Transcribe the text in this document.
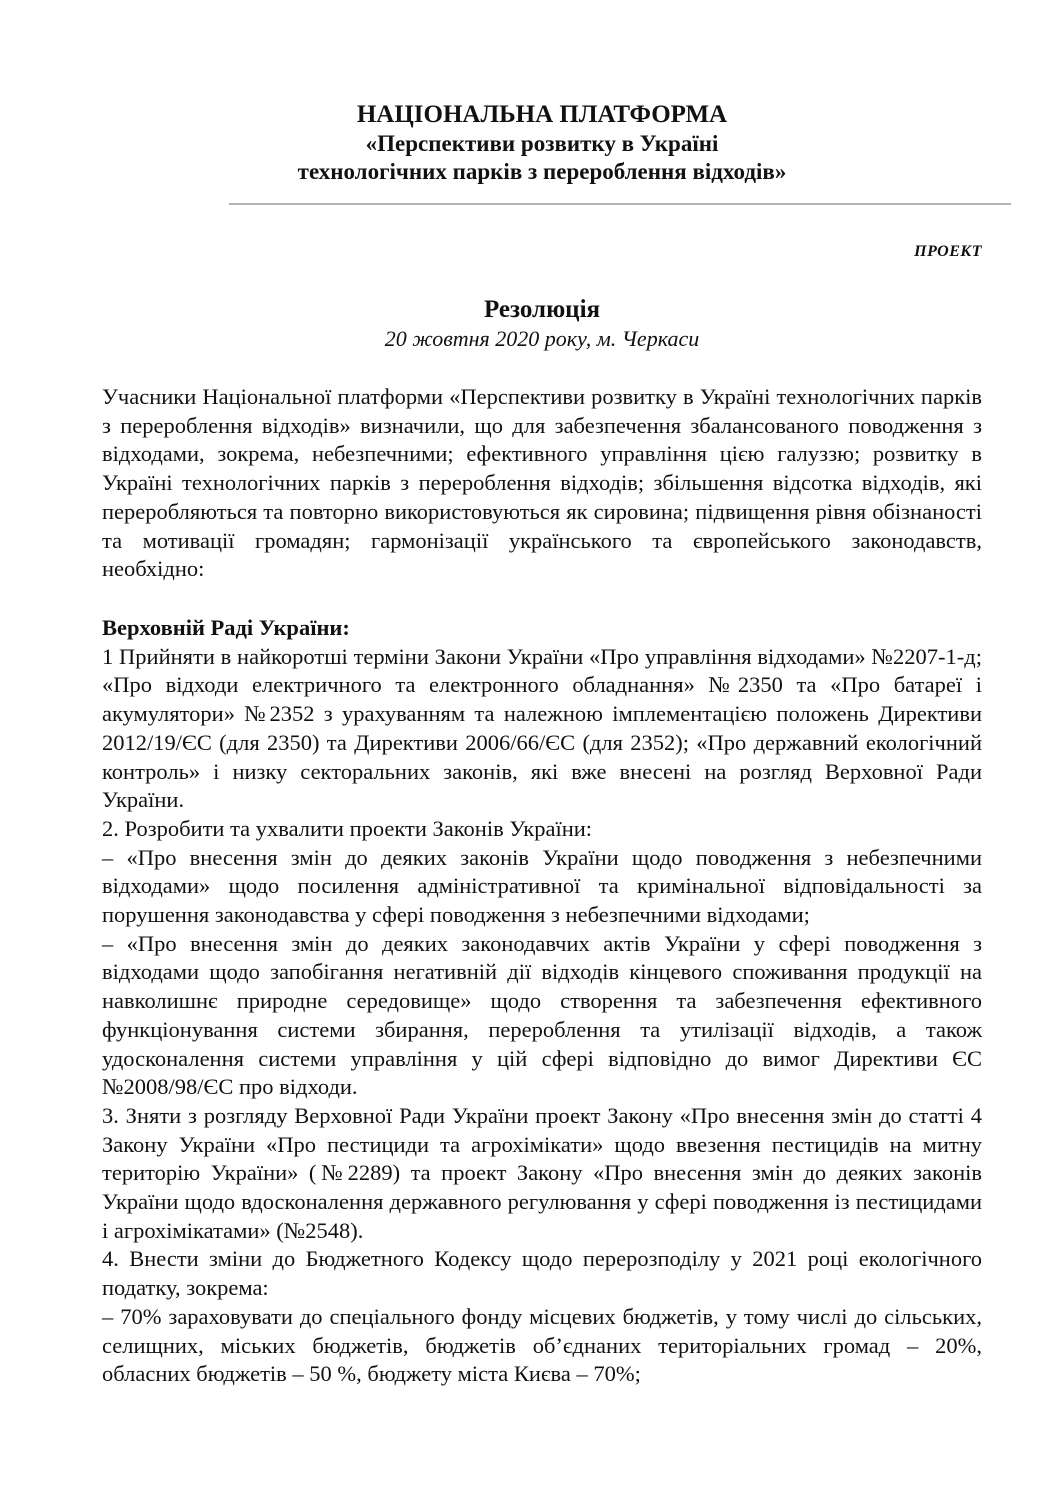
НАЦІОНАЛЬНА ПЛАТФОРМА
«Перспективи розвитку в Україні
технологічних парків з перероблення відходів»
ПРОЕКТ
Резолюція
20 жовтня 2020 року, м. Черкаси

Учасники Національної платформи «Перспективи розвитку в Україні технологічних парків з перероблення відходів» визначили, що для забезпечення збалансованого поводження з відходами, зокрема, небезпечними; ефективного управління цією галуззю; розвитку в Україні технологічних парків з перероблення відходів; збільшення відсотка відходів, які переробляються та повторно використовуються як сировина; підвищення рівня обізнаності та мотивації громадян; гармонізації українського та європейського законодавств, необхідно:

Верховній Раді України:

1 Прийняти в найкоротші терміни Закони України «Про управління відходами» №2207-1-д; «Про відходи електричного та електронного обладнання» №2350 та «Про батареї і акумулятори» №2352 з урахуванням та належною імплементацією положень Директиви 2012/19/ЄС (для 2350) та Директиви 2006/66/ЄС (для 2352); «Про державний екологічний контроль» і низку секторальних законів, які вже внесені на розгляд Верховної Ради України.

2. Розробити та ухвалити проекти Законів України:

– «Про внесення змін до деяких законів України щодо поводження з небезпечними відходами» щодо посилення адміністративної та кримінальної відповідальності за порушення законодавства у сфері поводження з небезпечними відходами;

– «Про внесення змін до деяких законодавчих актів України у сфері поводження з відходами щодо запобігання негативній дії відходів кінцевого споживання продукції на навколишнє природне середовище» щодо створення та забезпечення ефективного функціонування системи збирання, перероблення та утилізації відходів, а також удосконалення системи управління у цій сфері відповідно до вимог Директиви ЄС №2008/98/ЄС про відходи.

3. Зняти з розгляду Верховної Ради України проект Закону «Про внесення змін до статті 4 Закону України «Про пестициди та агрохімікати» щодо ввезення пестицидів на митну територію України» (№2289) та проект Закону «Про внесення змін до деяких законів України щодо вдосконалення державного регулювання у сфері поводження із пестицидами і агрохімікатами» (№2548).

4. Внести зміни до Бюджетного Кодексу щодо перерозподілу у 2021 році екологічного податку, зокрема:

– 70% зараховувати до спеціального фонду місцевих бюджетів, у тому числі до сільських, селищних, міських бюджетів, бюджетів об’єднаних територіальних громад – 20%, обласних бюджетів – 50 %, бюджету міста Києва – 70%;
